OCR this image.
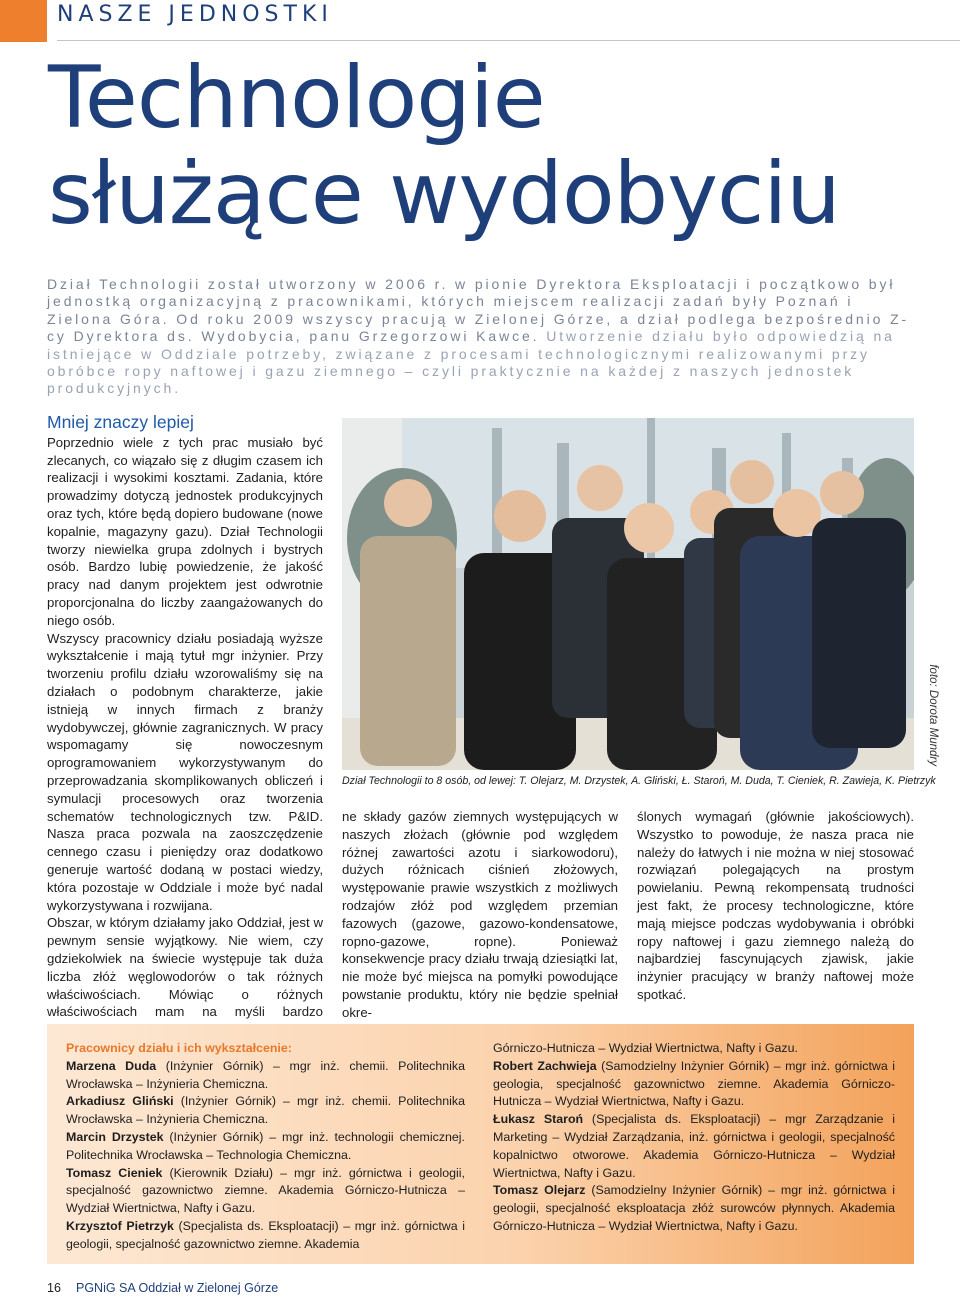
NASZE JEDNOSTKI
Technologie
służące wydobyciu

Dział Technologii został utworzony w 2006 r. w pionie Dyrektora Eksploatacji i początkowo był jednostką organizacyjną z pracownikami, których miejscem realizacji zadań były Poznań i Zielona Góra. Od roku 2009 wszyscy pracują w Zielonej Górze, a dział podlega bezpośrednio Z-cy Dyrektora ds. Wydobycia, panu Grzegorzowi Kawce. Utworzenie działu było odpowiedzią na istniejące w Oddziale potrzeby, związane z procesami technologicznymi realizowanymi przy obróbce ropy naftowej i gazu ziemnego – czyli praktycznie na każdej z naszych jednostek produkcyjnych.

Mniej znaczy lepiej

Poprzednio wiele z tych prac musiało być zlecanych, co wiązało się z długim czasem ich realizacji i wysokimi kosztami. Zadania, które prowadzimy dotyczą jednostek produkcyjnych oraz tych, które będą dopiero budowane (nowe kopalnie, magazyny gazu). Dział Technologii tworzy niewielka grupa zdolnych i bystrych osób. Bardzo lubię powiedzenie, że jakość pracy nad danym projektem jest odwrotnie proporcjonalna do liczby zaangażowanych do niego osób.

Wszyscy pracownicy działu posiadają wyższe wykształcenie i mają tytuł mgr inżynier. Przy tworzeniu profilu działu wzorowaliśmy się na działach o podobnym charakterze, jakie istnieją w innych firmach z branży wydobywczej, głównie zagranicznych. W pracy wspomagamy się nowoczesnym oprogramowaniem wykorzystywanym do przeprowadzania skomplikowanych obliczeń i symulacji procesowych oraz tworzenia schematów technologicznych tzw. P&ID. Nasza praca pozwala na zaoszczędzenie cennego czasu i pieniędzy oraz dodatkowo generuje wartość dodaną w postaci wiedzy, która pozostaje w Oddziale i może być nadal wykorzystywana i rozwijana.

Obszar, w którym działamy jako Oddział, jest w pewnym sensie wyjątkowy. Nie wiem, czy gdziekolwiek na świecie występuje tak duża liczba złóż węglowodorów o tak różnych właściwościach. Mówiąc o różnych właściwościach mam na myśli bardzo

foto: Dorota Mundry
Dział Technologii to 8 osób, od lewej: T. Olejarz, M. Drzystek, A. Gliński, Ł. Staroń, M. Duda, T. Cieniek, R. Zawieja, K. Pietrzyk

ne składy gazów ziemnych występujących w naszych złożach (głównie pod względem różnej zawartości azotu i siarkowodoru), dużych różnicach ciśnień złożowych, występowanie prawie wszystkich z możliwych rodzajów złóż pod względem przemian fazowych (gazowe, gazowo-kondensatowe, ropno-gazowe, ropne). Ponieważ konsekwencje pracy działu trwają dziesiątki lat, nie może być miejsca na pomyłki powodujące powstanie produktu, który nie będzie spełniał okre-

ślonych wymagań (głównie jakościowych). Wszystko to powoduje, że nasza praca nie należy do łatwych i nie można w niej stosować rozwiązań polegających na prostym powielaniu. Pewną rekompensatą trudności jest fakt, że procesy technologiczne, które mają miejsce podczas wydobywania i obróbki ropy naftowej i gazu ziemnego należą do najbardziej fascynujących zjawisk, jakie inżynier pracujący w branży naftowej może spotkać.

Pracownicy działu i ich wykształcenie:

Marzena Duda (Inżynier Górnik) – mgr inż. chemii. Politechnika Wrocławska – Inżynieria Chemiczna.

Arkadiusz Gliński (Inżynier Górnik) – mgr inż. chemii. Politechnika Wrocławska – Inżynieria Chemiczna.

Marcin Drzystek (Inżynier Górnik) – mgr inż. technologii chemicznej. Politechnika Wrocławska – Technologia Chemiczna.

Tomasz Cieniek (Kierownik Działu) – mgr inż. górnictwa i geologii, specjalność gazownictwo ziemne. Akademia Górniczo-Hutnicza – Wydział Wiertnictwa, Nafty i Gazu.

Krzysztof Pietrzyk (Specjalista ds. Eksploatacji) – mgr inż. górnictwa i geologii, specjalność gazownictwo ziemne. Akademia

Górniczo-Hutnicza – Wydział Wiertnictwa, Nafty i Gazu.

Robert Zachwieja (Samodzielny Inżynier Górnik) – mgr inż. górnictwa i geologia, specjalność gazownictwo ziemne. Akademia Górniczo-Hutnicza – Wydział Wiertnictwa, Nafty i Gazu.

Łukasz Staroń (Specjalista ds. Eksploatacji) – mgr Zarządzanie i Marketing – Wydział Zarządzania, inż. górnictwa i geologii, specjalność kopalnictwo otworowe. Akademia Górniczo-Hutnicza – Wydział Wiertnictwa, Nafty i Gazu.

Tomasz Olejarz (Samodzielny Inżynier Górnik) – mgr inż. górnictwa i geologii, specjalność eksploatacja złóż surowców płynnych. Akademia Górniczo-Hutnicza – Wydział Wiertnictwa, Nafty i Gazu.

16 PGNiG SA Oddział w Zielonej Górze
